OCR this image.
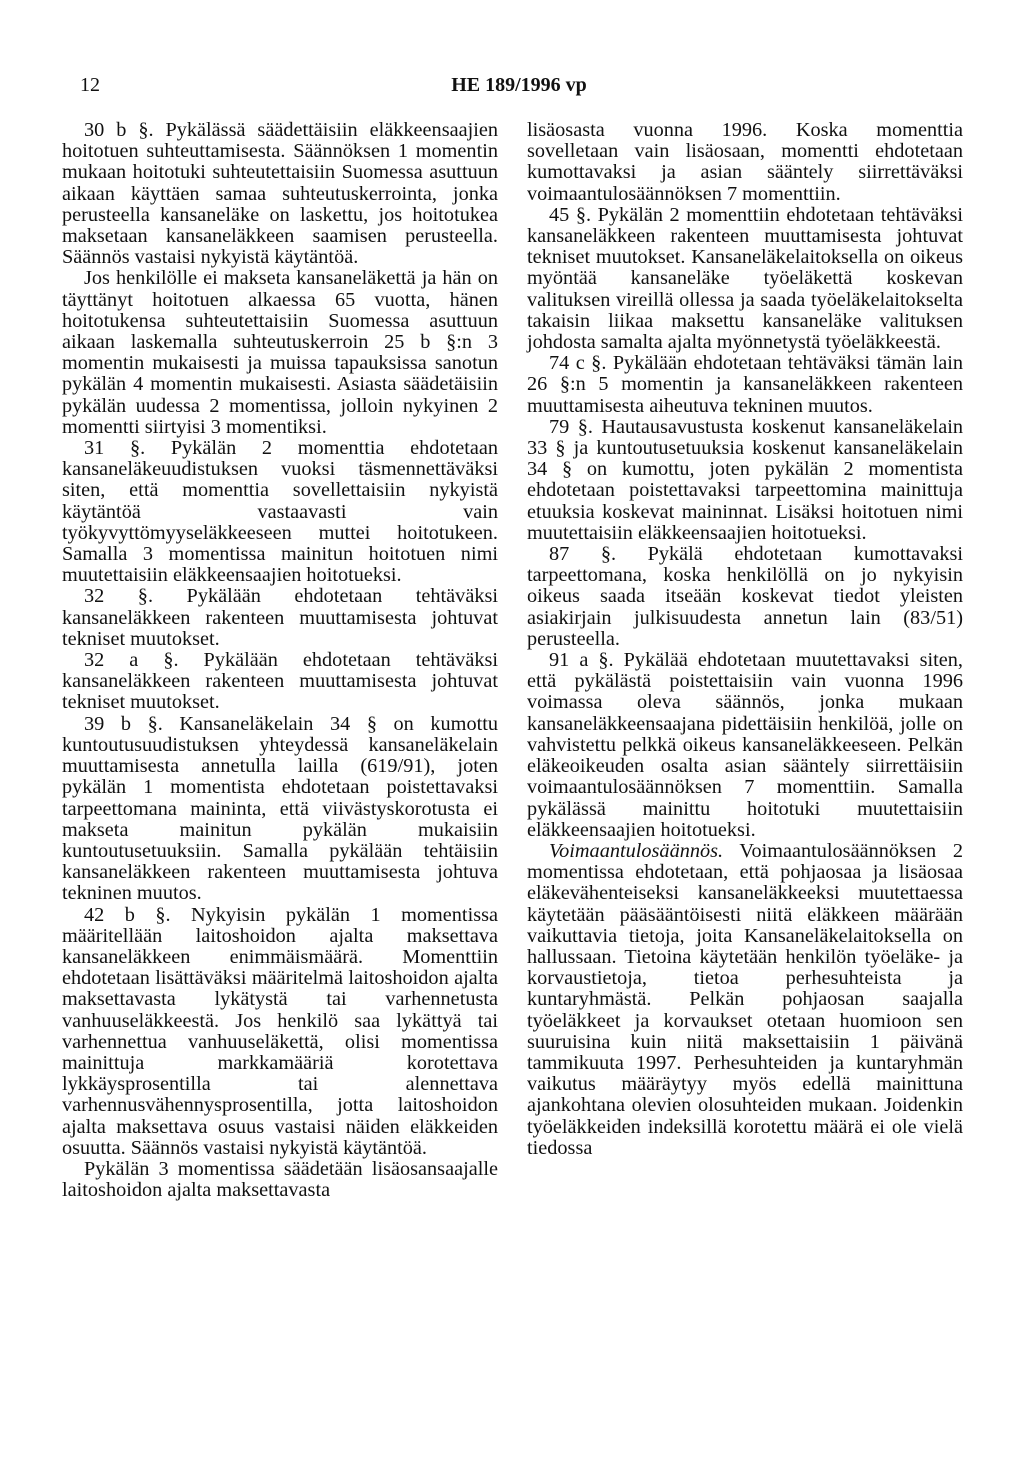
12	HE 189/1996 vp

30 b §. Pykälässä säädettäisiin eläkkeensaajien hoitotuen suhteuttamisesta. Säännöksen 1 momentin mukaan hoitotuki suhteutettaisiin Suomessa asuttuun aikaan käyttäen samaa suhteutuskerrointa, jonka perusteella kansaneläke on laskettu, jos hoitotukea maksetaan kansaneläkkeen saamisen perusteella. Säännös vastaisi nykyistä käytäntöä.

Jos henkilölle ei makseta kansaneläkettä ja hän on täyttänyt hoitotuen alkaessa 65 vuotta, hänen hoitotukensa suhteutettaisiin Suomessa asuttuun aikaan laskemalla suhteutuskerroin 25 b §:n 3 momentin mukaisesti ja muissa tapauksissa sanotun pykälän 4 momentin mukaisesti. Asiasta säädetäisiin pykälän uudessa 2 momentissa, jolloin nykyinen 2 momentti siirtyisi 3 momentiksi.

31 §. Pykälän 2 momenttia ehdotetaan kansaneläkeuudistuksen vuoksi täsmennettäväksi siten, että momenttia sovellettaisiin nykyistä käytäntöä vastaavasti vain työkyvyttömyyseläkkeeseen muttei hoitotukeen. Samalla 3 momentissa mainitun hoitotuen nimi muutettaisiin eläkkeensaajien hoitotueksi.

32 §. Pykälään ehdotetaan tehtäväksi kansaneläkkeen rakenteen muuttamisesta johtuvat tekniset muutokset.

32 a §. Pykälään ehdotetaan tehtäväksi kansaneläkkeen rakenteen muuttamisesta johtuvat tekniset muutokset.

39 b §. Kansaneläkelain 34 § on kumottu kuntoutusuudistuksen yhteydessä kansaneläkelain muuttamisesta annetulla lailla (619/91), joten pykälän 1 momentista ehdotetaan poistettavaksi tarpeettomana maininta, että viivästyskorotusta ei makseta mainitun pykälän mukaisiin kuntoutusetuuksiin. Samalla pykälään tehtäisiin kansaneläkkeen rakenteen muuttamisesta johtuva tekninen muutos.

42 b §. Nykyisin pykälän 1 momentissa määritellään laitoshoidon ajalta maksettava kansaneläkkeen enimmäismäärä. Momenttiin ehdotetaan lisättäväksi määritelmä laitoshoidon ajalta maksettavasta lykätystä tai varhennetusta vanhuuseläkkeestä. Jos henkilö saa lykättyä tai varhennettua vanhuuseläkettä, olisi momentissa mainittuja markkamääriä korotettava lykkäysprosentilla tai alennettava varhennusvähennysprosentilla, jotta laitoshoidon ajalta maksettava osuus vastaisi näiden eläkkeiden osuutta. Säännös vastaisi nykyistä käytäntöä.

Pykälän 3 momentissa säädetään lisäosansaajalle laitoshoidon ajalta maksettavasta

lisäosasta vuonna 1996. Koska momenttia sovelletaan vain lisäosaan, momentti ehdotetaan kumottavaksi ja asian sääntely siirrettäväksi voimaantulosäännöksen 7 momenttiin.

45 §. Pykälän 2 momenttiin ehdotetaan tehtäväksi kansaneläkkeen rakenteen muuttamisesta johtuvat tekniset muutokset. Kansaneläkelaitoksella on oikeus myöntää kansaneläke työeläkettä koskevan valituksen vireillä ollessa ja saada työeläkelaitokselta takaisin liikaa maksettu kansaneläke valituksen johdosta samalta ajalta myönnetystä työeläkkeestä.

74 c §. Pykälään ehdotetaan tehtäväksi tämän lain 26 §:n 5 momentin ja kansaneläkkeen rakenteen muuttamisesta aiheutuva tekninen muutos.

79 §. Hautausavustusta koskenut kansaneläkelain 33 § ja kuntoutusetuuksia koskenut kansaneläkelain 34 § on kumottu, joten pykälän 2 momentista ehdotetaan poistettavaksi tarpeettomina mainittuja etuuksia koskevat maininnat. Lisäksi hoitotuen nimi muutettaisiin eläkkeensaajien hoitotueksi.

87 §. Pykälä ehdotetaan kumottavaksi tarpeettomana, koska henkilöllä on jo nykyisin oikeus saada itseään koskevat tiedot yleisten asiakirjain julkisuudesta annetun lain (83/51) perusteella.

91 a §. Pykälää ehdotetaan muutettavaksi siten, että pykälästä poistettaisiin vain vuonna 1996 voimassa oleva säännös, jonka mukaan kansaneläkkeensaajana pidettäisiin henkilöä, jolle on vahvistettu pelkkä oikeus kansaneläkkeeseen. Pelkän eläkeoikeuden osalta asian sääntely siirrettäisiin voimaantulosäännöksen 7 momenttiin. Samalla pykälässä mainittu hoitotuki muutettaisiin eläkkeensaajien hoitotueksi.

Voimaantulosäännös. Voimaantulosäännöksen 2 momentissa ehdotetaan, että pohjaosaa ja lisäosaa eläkevähenteiseksi kansaneläkkeeksi muutettaessa käytetään pääsääntöisesti niitä eläkkeen määrään vaikuttavia tietoja, joita Kansaneläkelaitoksella on hallussaan. Tietoina käytetään henkilön työeläke- ja korvaustietoja, tietoa perhesuhteista ja kuntaryhmästä. Pelkän pohjaosan saajalla työeläkkeet ja korvaukset otetaan huomioon sen suuruisina kuin niitä maksettaisiin 1 päivänä tammikuuta 1997. Perhesuhteiden ja kuntaryhmän vaikutus määräytyy myös edellä mainittuna ajankohtana olevien olosuhteiden mukaan. Joidenkin työeläkkeiden indeksillä korotettu määrä ei ole vielä tiedossa
